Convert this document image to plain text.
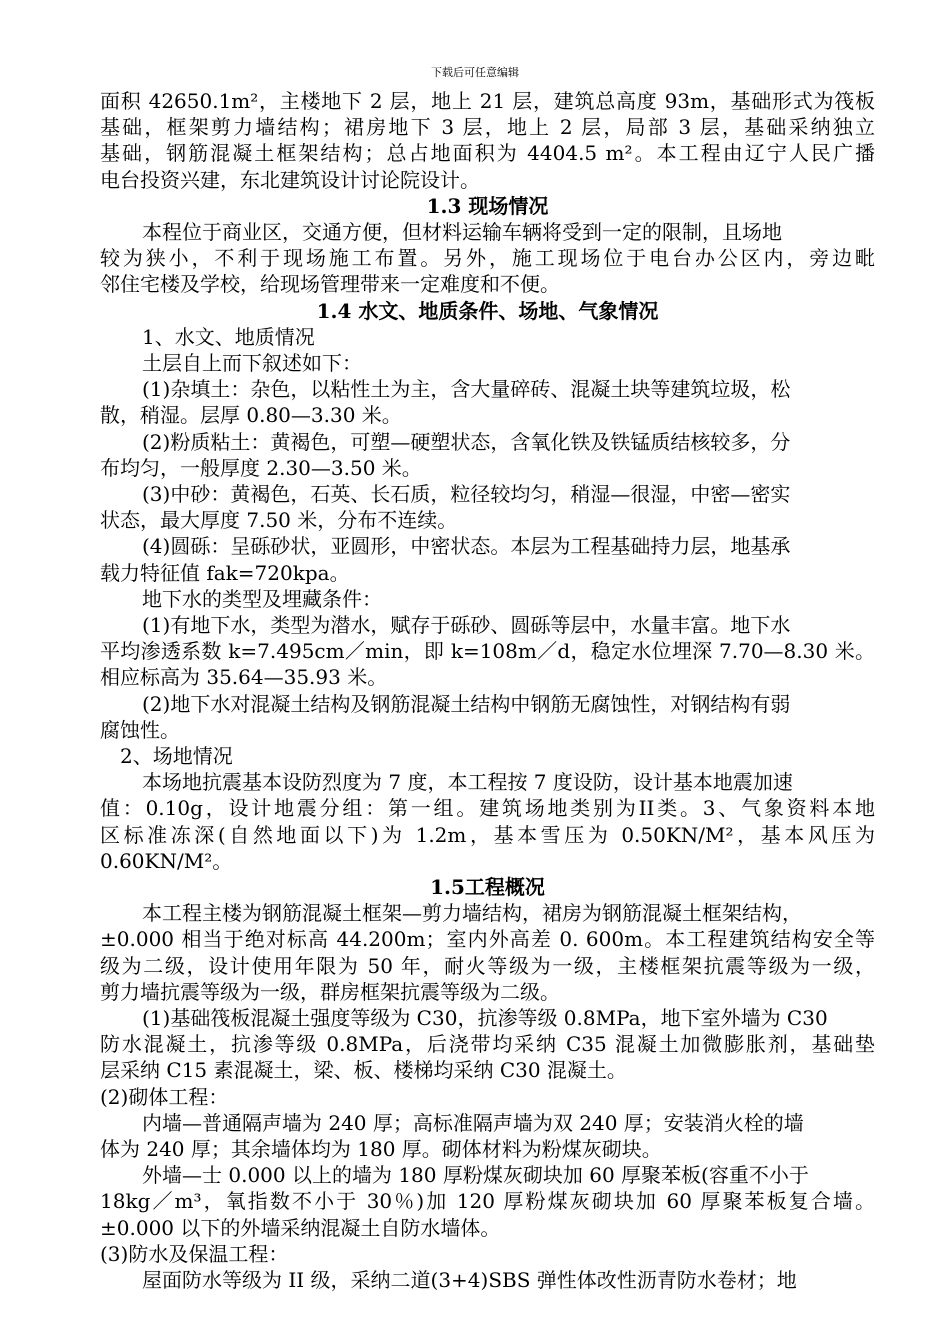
下载后可任意编辑
面积 42650.1m²，主楼地下 2 层，地上 21 层，建筑总高度 93m，基础形式为筏板
基础，框架剪力墙结构；裙房地下 3 层，地上 2 层，局部 3 层，基础采纳独立
基础，钢筋混凝土框架结构；总占地面积为 4404.5 m²。本工程由辽宁人民广播
电台投资兴建，东北建筑设计讨论院设计。
1.3 现场情况
本程位于商业区，交通方便，但材料运输车辆将受到一定的限制，且场地
较为狭小，不利于现场施工布置。另外，施工现场位于电台办公区内，旁边毗
邻住宅楼及学校，给现场管理带来一定难度和不便。
1.4 水文、地质条件、场地、气象情况
1、水文、地质情况
土层自上而下叙述如下：
(1)杂填土：杂色，以粘性土为主，含大量碎砖、混凝土块等建筑垃圾，松
散，稍湿。层厚 0.80—3.30 米。
(2)粉质粘土：黄褐色，可塑—硬塑状态，含氧化铁及铁锰质结核较多，分
布均匀，一般厚度 2.30—3.50 米。
(3)中砂：黄褐色，石英、长石质，粒径较均匀，稍湿—很湿，中密—密实
状态，最大厚度 7.50 米，分布不连续。
(4)圆砾：呈砾砂状，亚圆形，中密状态。本层为工程基础持力层，地基承
载力特征值 fak=720kpa。
地下水的类型及埋藏条件：
(1)有地下水，类型为潜水，赋存于砾砂、圆砾等层中，水量丰富。地下水
平均渗透系数 k=7.495cm／min，即 k=108m／d，稳定水位埋深 7.70—8.30 米。
相应标高为 35.64—35.93 米。
(2)地下水对混凝土结构及钢筋混凝土结构中钢筋无腐蚀性，对钢结构有弱
腐蚀性。
2、场地情况
本场地抗震基本设防烈度为 7 度，本工程按 7 度设防，设计基本地震加速
值：0.10g，设计地震分组：第一组。建筑场地类别为II类。3、气象资料本地
区标准冻深(自然地面以下)为 1.2m，基本雪压为 0.50KN/M²，基本风压为
0.60KN/M²。
1.5工程概况
本工程主楼为钢筋混凝土框架—剪力墙结构，裙房为钢筋混凝土框架结构，
±0.000 相当于绝对标高 44.200m；室内外高差 0. 600m。本工程建筑结构安全等
级为二级，设计使用年限为 50 年，耐火等级为一级，主楼框架抗震等级为一级，
剪力墙抗震等级为一级，群房框架抗震等级为二级。
(1)基础筏板混凝土强度等级为 C30，抗渗等级 0.8MPa，地下室外墙为 C30
防水混凝土，抗渗等级 0.8MPa，后浇带均采纳 C35 混凝土加微膨胀剂，基础垫
层采纳 C15 素混凝土，梁、板、楼梯均采纳 C30 混凝土。
(2)砌体工程：
内墙—普通隔声墙为 240 厚；高标准隔声墙为双 240 厚；安装消火栓的墙
体为 240 厚；其余墙体均为 180 厚。砌体材料为粉煤灰砌块。
外墙—士 0.000 以上的墙为 180 厚粉煤灰砌块加 60 厚聚苯板(容重不小于
18kg／m³，氧指数不小于 30％)加 120 厚粉煤灰砌块加 60 厚聚苯板复合墙。
±0.000 以下的外墙采纳混凝土自防水墙体。
(3)防水及保温工程：
屋面防水等级为 II 级，采纳二道(3+4)SBS 弹性体改性沥青防水卷材；地
